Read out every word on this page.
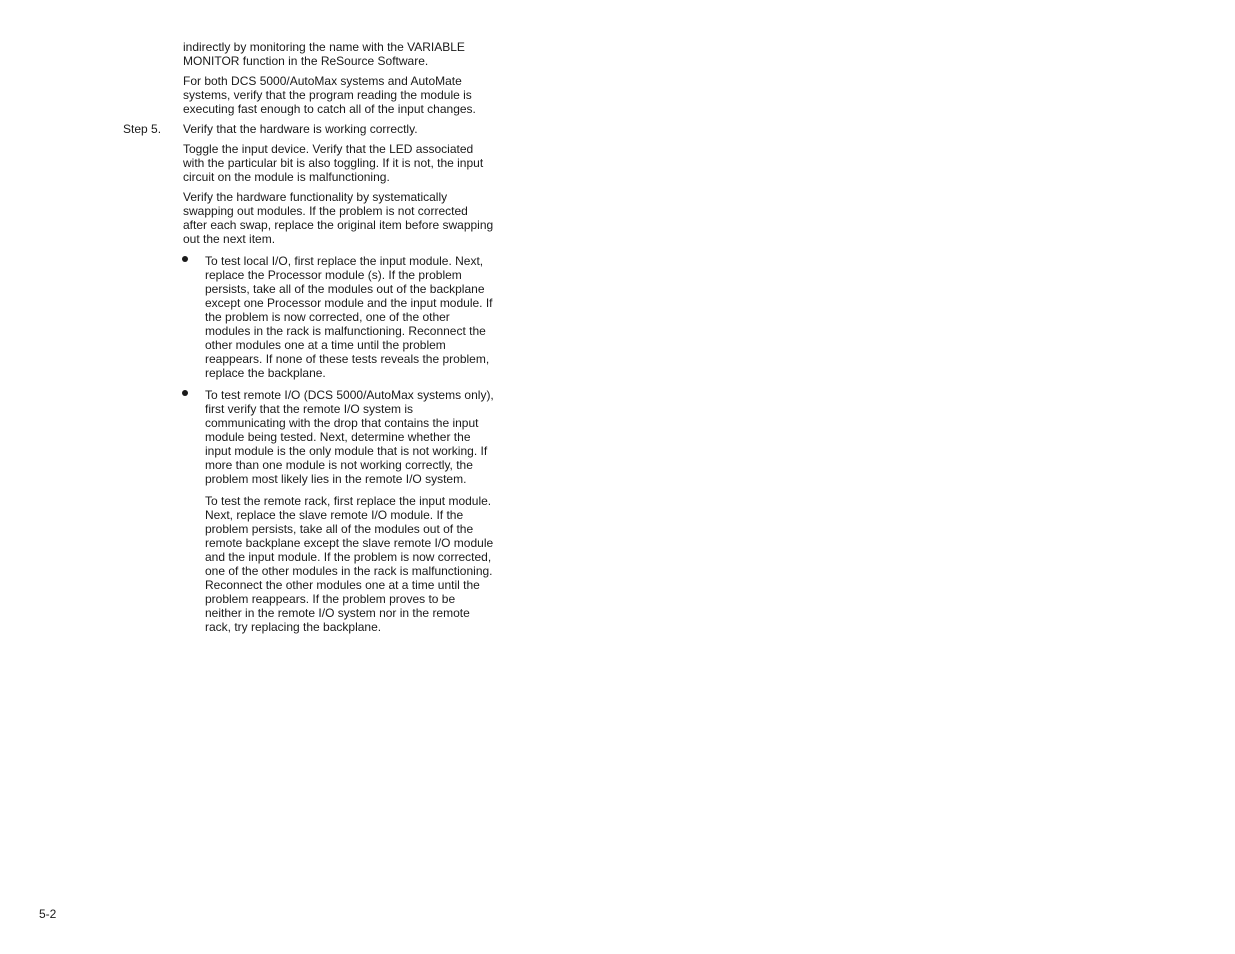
indirectly by monitoring the name with the VARIABLE
MONITOR function in the ReSource Software.

For both DCS 5000/AutoMax systems and AutoMate
systems, verify that the program reading the module is
executing fast enough to catch all of the input changes.

Step 5. Verify that the hardware is working correctly.

Toggle the input device. Verify that the LED associated
with the particular bit is also toggling. If it is not, the input
circuit on the module is malfunctioning.

Verify the hardware functionality by systematically
swapping out modules. If the problem is not corrected
after each swap, replace the original item before swapping
out the next item.

To test local I/O, first replace the input module. Next,
replace the Processor module (s). If the problem
persists, take all of the modules out of the backplane
except one Processor module and the input module. If
the problem is now corrected, one of the other
modules in the rack is malfunctioning. Reconnect the
other modules one at a time until the problem
reappears. If none of these tests reveals the problem,
replace the backplane.

To test remote I/O (DCS 5000/AutoMax systems only),
first verify that the remote I/O system is
communicating with the drop that contains the input
module being tested. Next, determine whether the
input module is the only module that is not working. If
more than one module is not working correctly, the
problem most likely lies in the remote I/O system.

To test the remote rack, first replace the input module.
Next, replace the slave remote I/O module. If the
problem persists, take all of the modules out of the
remote backplane except the slave remote I/O module
and the input module. If the problem is now corrected,
one of the other modules in the rack is malfunctioning.
Reconnect the other modules one at a time until the
problem reappears. If the problem proves to be
neither in the remote I/O system nor in the remote
rack, try replacing the backplane.

5-2
